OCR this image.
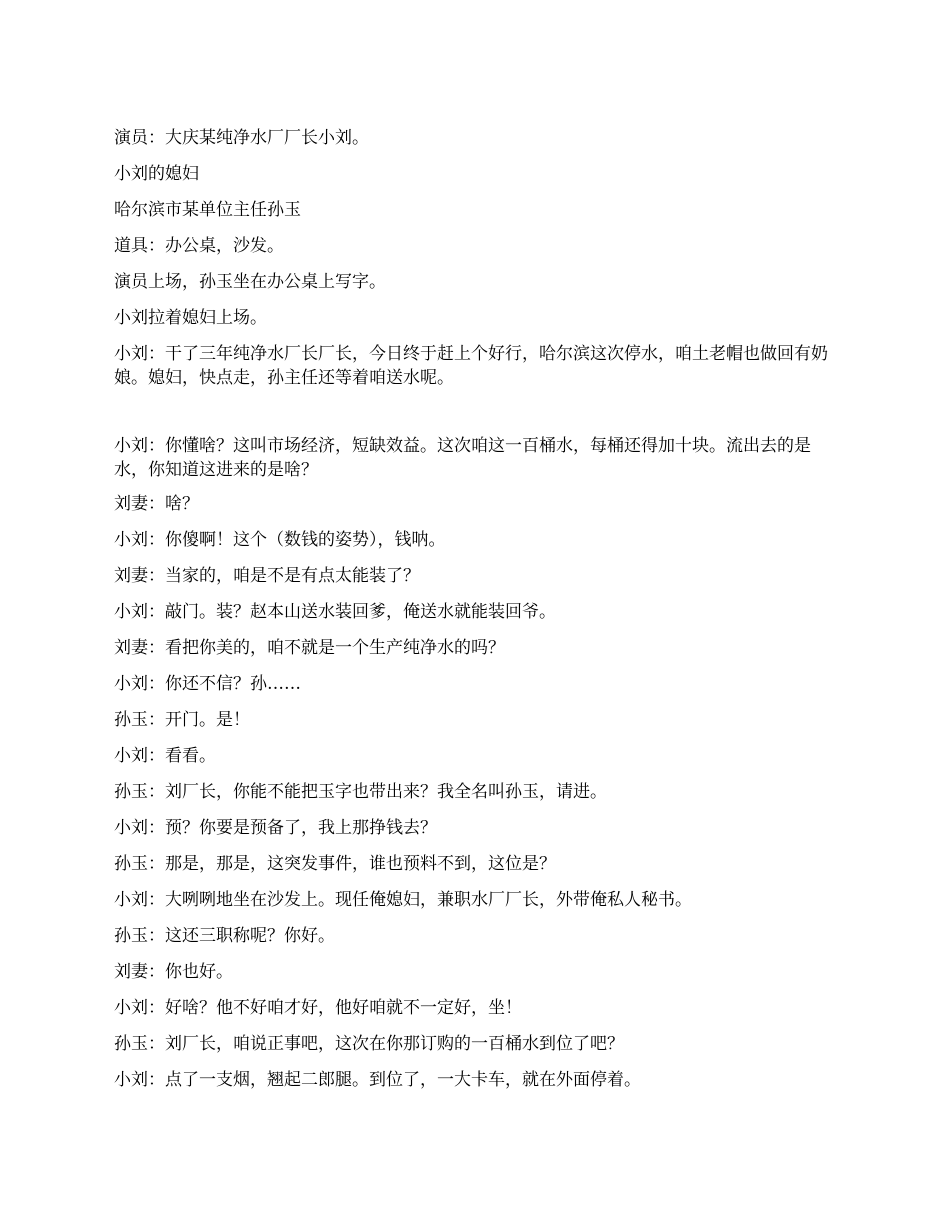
演员：大庆某纯净水厂厂长小刘。

小刘的媳妇

哈尔滨市某单位主任孙玉

道具：办公桌，沙发。

演员上场，孙玉坐在办公桌上写字。

小刘拉着媳妇上场。

小刘：干了三年纯净水厂长厂长，今日终于赶上个好行，哈尔滨这次停水，咱土老帽也做回有奶娘。媳妇，快点走，孙主任还等着咱送水呢。

小刘：你懂啥？这叫市场经济，短缺效益。这次咱这一百桶水，每桶还得加十块。流出去的是水，你知道这进来的是啥？

刘妻：啥？

小刘：你傻啊！这个（数钱的姿势），钱呐。

刘妻：当家的，咱是不是有点太能装了？

小刘：敲门。装？赵本山送水装回爹，俺送水就能装回爷。

刘妻：看把你美的，咱不就是一个生产纯净水的吗？

小刘：你还不信？孙……

孙玉：开门。是！

小刘：看看。

孙玉：刘厂长，你能不能把玉字也带出来？我全名叫孙玉，请进。

小刘：预？你要是预备了，我上那挣钱去？

孙玉：那是，那是，这突发事件，谁也预料不到，这位是？

小刘：大咧咧地坐在沙发上。现任俺媳妇，兼职水厂厂长，外带俺私人秘书。

孙玉：这还三职称呢？你好。

刘妻：你也好。

小刘：好啥？他不好咱才好，他好咱就不一定好，坐！

孙玉：刘厂长，咱说正事吧，这次在你那订购的一百桶水到位了吧？

小刘：点了一支烟，翘起二郎腿。到位了，一大卡车，就在外面停着。
